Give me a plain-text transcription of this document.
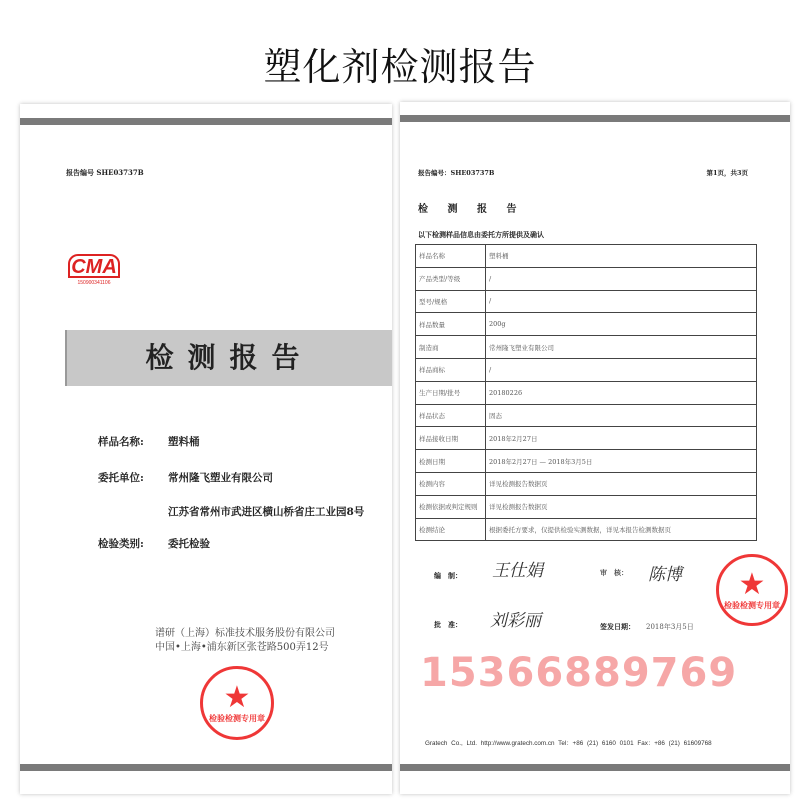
塑化剂检测报告
报告编号 SHE03737B
CMA
150900341106
检测报告
样品名称:	塑料桶
委托单位:	常州隆飞塑业有限公司
江苏省常州市武进区横山桥省庄工业园8号
检验类别:	委托检验
谱研（上海）标准技术服务股份有限公司
中国•上海•浦东新区张苍路500弄12号
★
检验检测专用章
报告编号：SHE03737B	第1页，共3页
检 测 报 告
以下检测样品信息由委托方所提供及确认
样品名称	塑料桶
产品类型/等级	/
型号/规格	/
样品数量	200g
制造商	常州隆飞塑业有限公司
样品商标	/
生产日期/批号	20180226
样品状态	固态
样品接收日期	2018年2月27日
检测日期	2018年2月27日 — 2018年3月5日
检测内容	详见检测报告数据页
检测依据或判定规则	详见检测报告数据页
检测结论	根据委托方要求，仅提供检验实测数据，详见本报告检测数据页
编　制： 王仕娟	审　核： 陈博
批　准： 刘彩丽	签发日期： 2018年3月5日
★
检验检测专用章
Gratech Co., Ltd. http://www.gratech.com.cn Tel：+86 (21) 6160 0101 Fax：+86 (21) 61609768
15366889769
